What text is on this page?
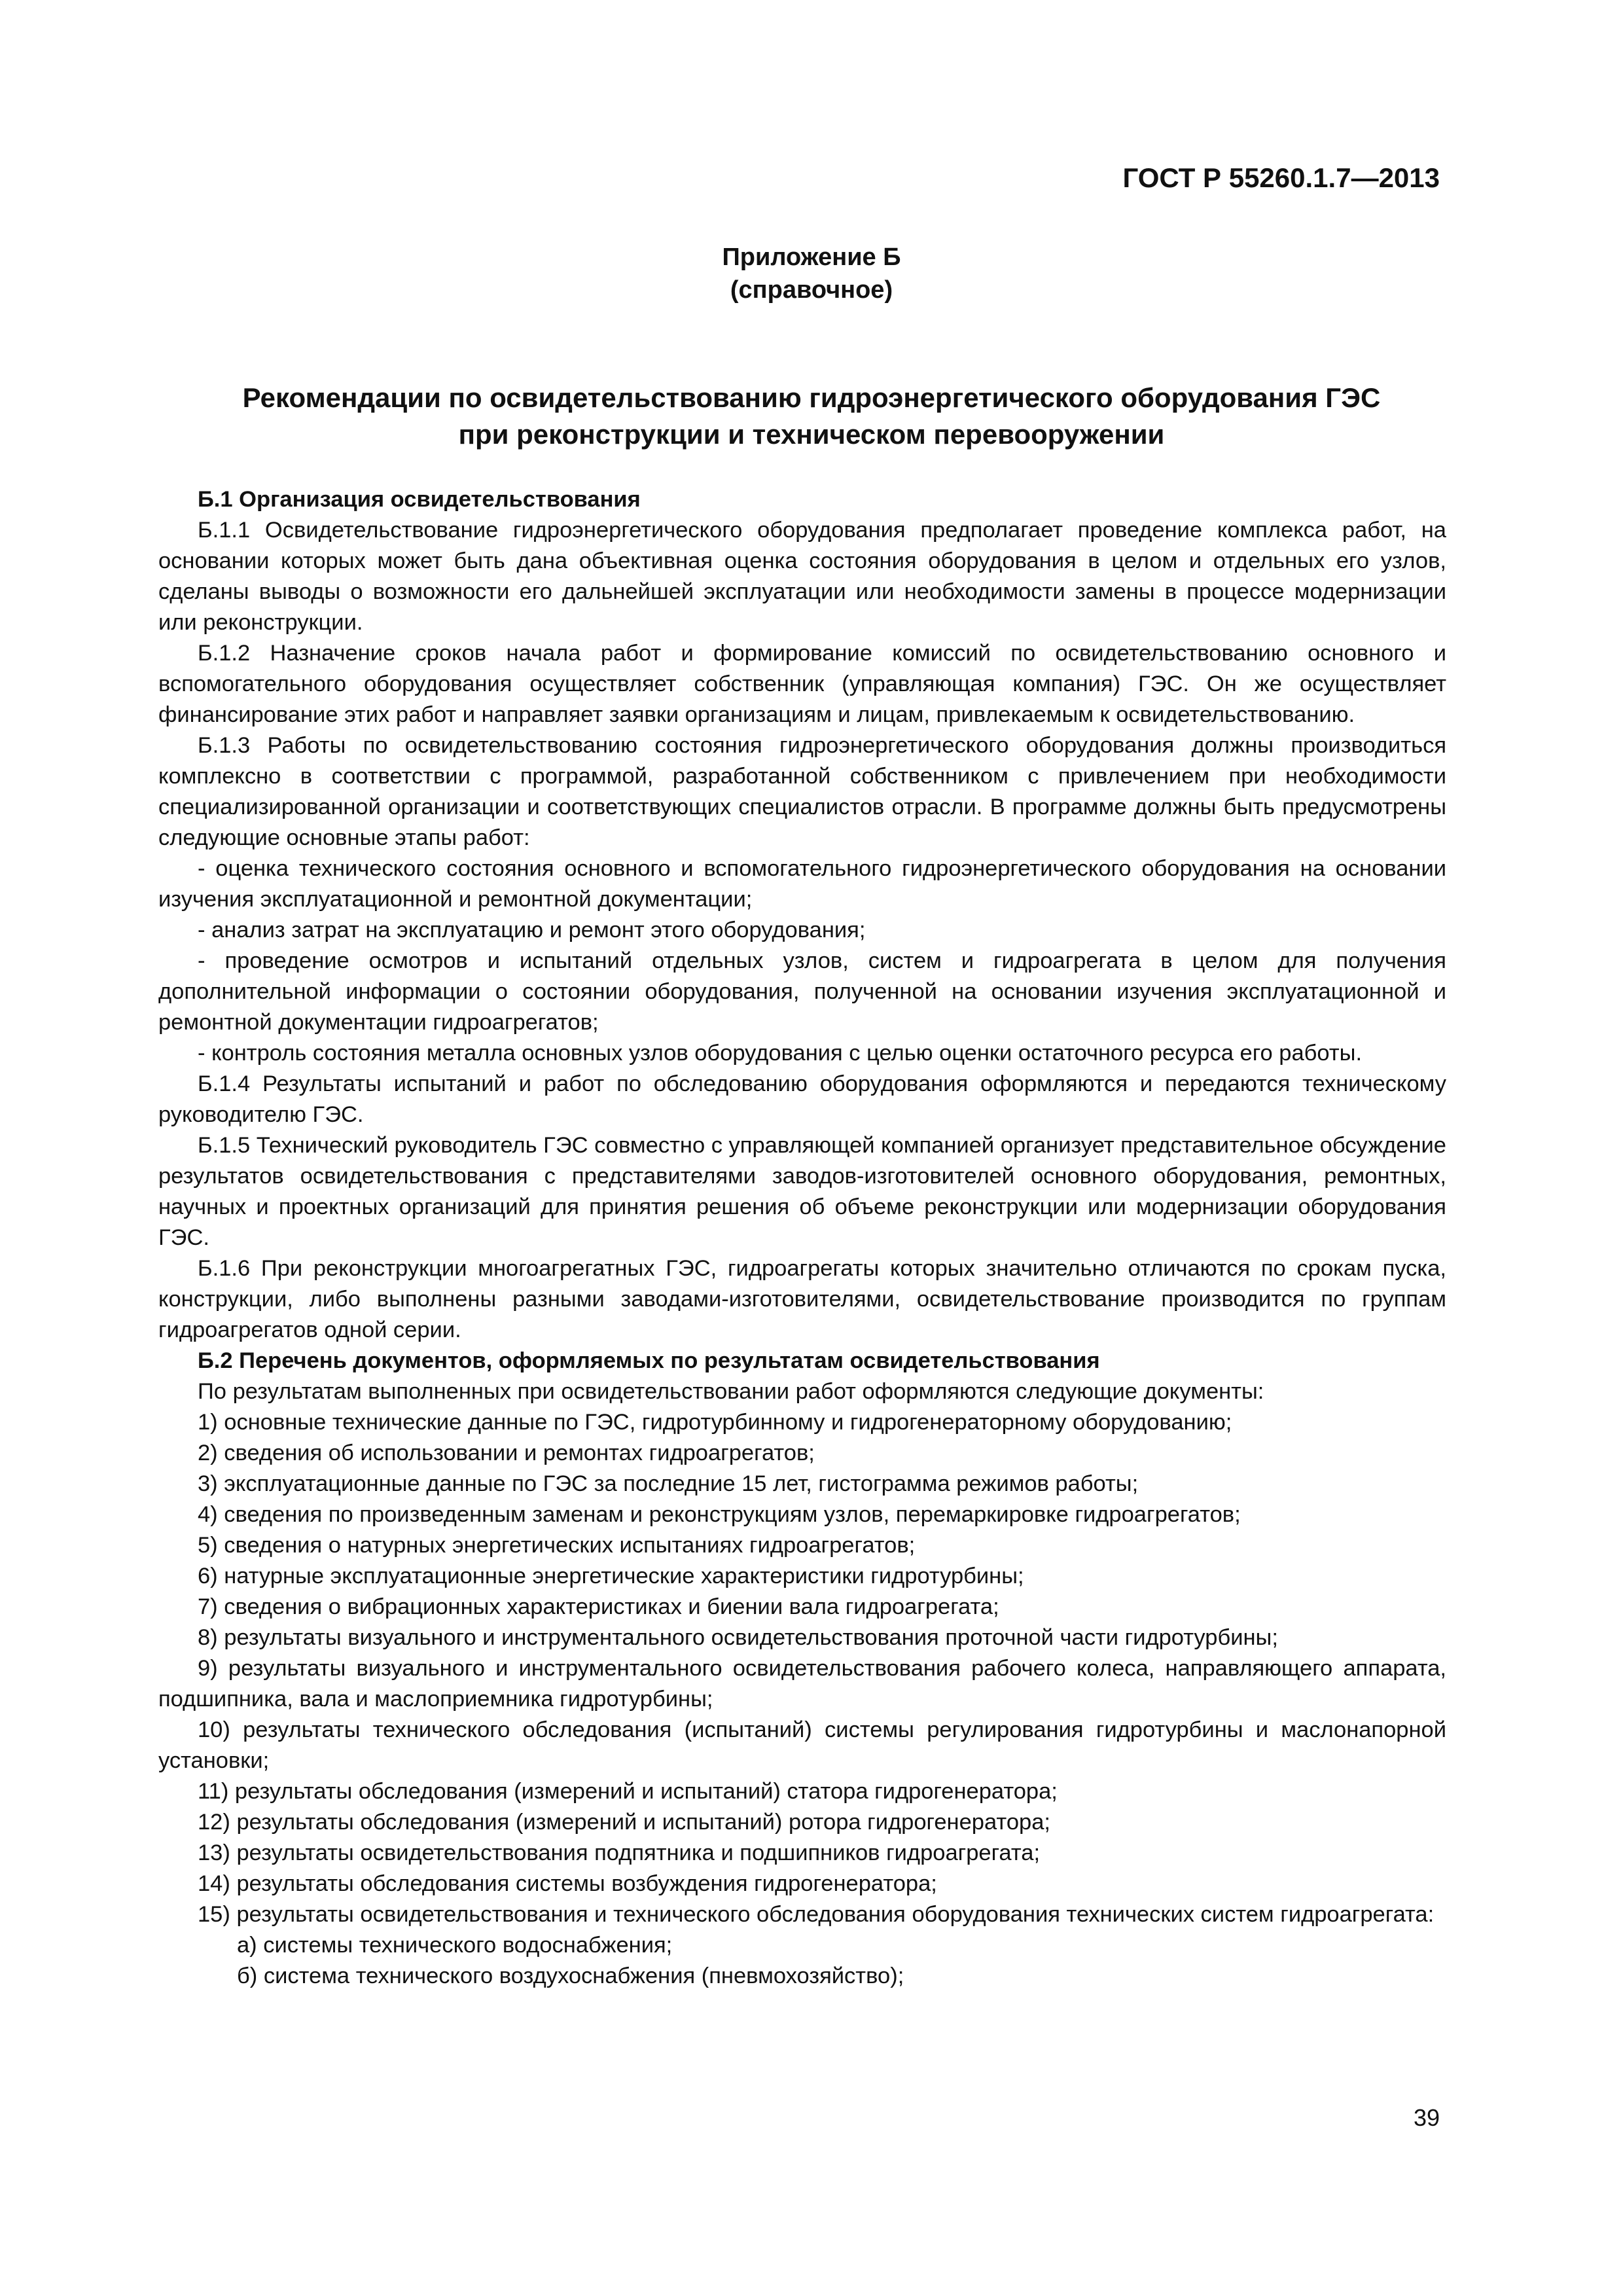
ГОСТ Р 55260.1.7—2013
Приложение Б
(справочное)
Рекомендации по освидетельствованию гидроэнергетического оборудования ГЭС
при реконструкции и техническом перевооружении

Б.1 Организация освидетельствования

Б.1.1 Освидетельствование гидроэнергетического оборудования предполагает проведение комплекса работ, на основании которых может быть дана объективная оценка состояния оборудования в целом и отдельных его узлов, сделаны выводы о возможности его дальнейшей эксплуатации или необходимости замены в процессе модернизации или реконструкции.

Б.1.2 Назначение сроков начала работ и формирование комиссий по освидетельствованию основного и вспомогательного оборудования осуществляет собственник (управляющая компания) ГЭС. Он же осуществляет финансирование этих работ и направляет заявки организациям и лицам, привлекаемым к освидетельствованию.

Б.1.3 Работы по освидетельствованию состояния гидроэнергетического оборудования должны производиться комплексно в соответствии с программой, разработанной собственником с привлечением при необходимости специализированной организации и соответствующих специалистов отрасли. В программе должны быть предусмотрены следующие основные этапы работ:

- оценка технического состояния основного и вспомогательного гидроэнергетического оборудования на основании изучения эксплуатационной и ремонтной документации;

- анализ затрат на эксплуатацию и ремонт этого оборудования;

- проведение осмотров и испытаний отдельных узлов, систем и гидроагрегата в целом для получения дополнительной информации о состоянии оборудования, полученной на основании изучения эксплуатационной и ремонтной документации гидроагрегатов;

- контроль состояния металла основных узлов оборудования с целью оценки остаточного ресурса его работы.

Б.1.4 Результаты испытаний и работ по обследованию оборудования оформляются и передаются техническому руководителю ГЭС.

Б.1.5 Технический руководитель ГЭС совместно с управляющей компанией организует представительное обсуждение результатов освидетельствования с представителями заводов-изготовителей основного оборудования, ремонтных, научных и проектных организаций для принятия решения об объеме реконструкции или модернизации оборудования ГЭС.

Б.1.6 При реконструкции многоагрегатных ГЭС, гидроагрегаты которых значительно отличаются по срокам пуска, конструкции, либо выполнены разными заводами-изготовителями, освидетельствование производится по группам гидроагрегатов одной серии.

Б.2 Перечень документов, оформляемых по результатам освидетельствования

По результатам выполненных при освидетельствовании работ оформляются следующие документы:

1) основные технические данные по ГЭС, гидротурбинному и гидрогенераторному оборудованию;

2) сведения об использовании и ремонтах гидроагрегатов;

3) эксплуатационные данные по ГЭС за последние 15 лет, гистограмма режимов работы;

4) сведения по произведенным заменам и реконструкциям узлов, перемаркировке гидроагрегатов;

5) сведения о натурных энергетических испытаниях гидроагрегатов;

6) натурные эксплуатационные энергетические характеристики гидротурбины;

7) сведения о вибрационных характеристиках и биении вала гидроагрегата;

8) результаты визуального и инструментального освидетельствования проточной части гидротурбины;

9) результаты визуального и инструментального освидетельствования рабочего колеса, направляющего аппарата, подшипника, вала и маслоприемника гидротурбины;

10) результаты технического обследования (испытаний) системы регулирования гидротурбины и маслонапорной установки;

11) результаты обследования (измерений и испытаний) статора гидрогенератора;

12) результаты обследования (измерений и испытаний) ротора гидрогенератора;

13) результаты освидетельствования подпятника и подшипников гидроагрегата;

14) результаты обследования системы возбуждения гидрогенератора;

15) результаты освидетельствования и технического обследования оборудования технических систем гидроагрегата:

а) системы технического водоснабжения;

б) система технического воздухоснабжения (пневмохозяйство);

39
